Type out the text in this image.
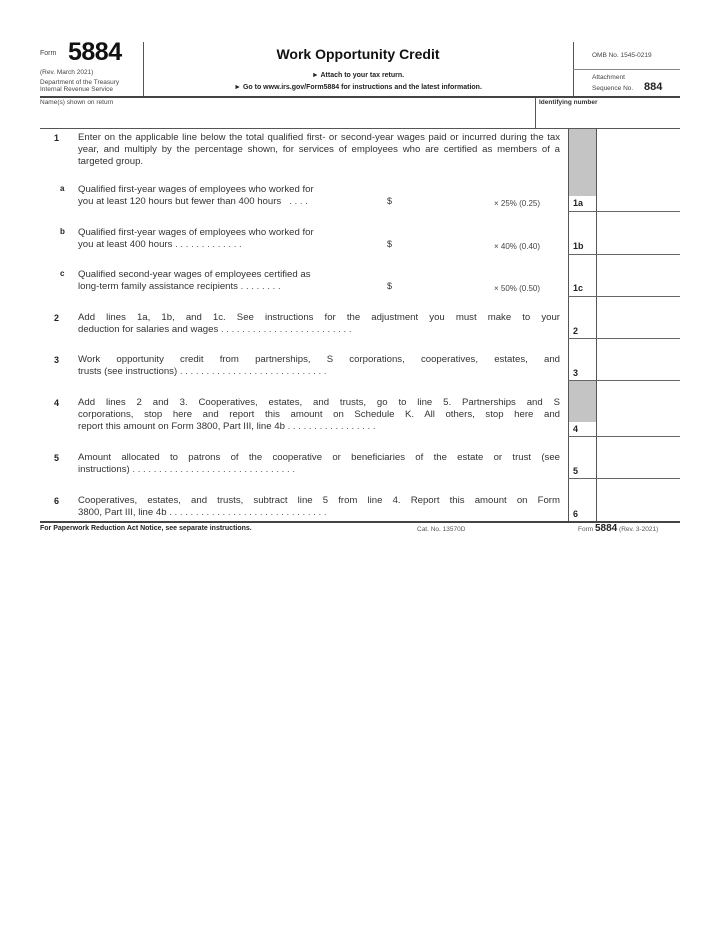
Form 5884
(Rev. March 2021)
Department of the Treasury
Internal Revenue Service
Work Opportunity Credit
► Attach to your tax return.
► Go to www.irs.gov/Form5884 for instructions and the latest information.
OMB No. 1545-0219
Attachment
Sequence No. 884
Name(s) shown on return	Identifying number
1 Enter on the applicable line below the total qualified first- or second-year wages paid or incurred during the tax year, and multiply by the percentage shown, for services of employees who are certified as members of a targeted group.
a Qualified first-year wages of employees who worked for
you at least 120 hours but fewer than 400 hours . . . .	$	× 25% (0.25)	1a
b Qualified first-year wages of employees who worked for
you at least 400 hours . . . . . . . . . . . . .	$	× 40% (0.40)	1b
c Qualified second-year wages of employees certified as
long-term family assistance recipients . . . . . . . .	$	× 50% (0.50)	1c
2 Add lines 1a, 1b, and 1c. See instructions for the adjustment you must make to your
deduction for salaries and wages . . . . . . . . . . . . . . . . . . . . . . . . .	2
3 Work opportunity credit from partnerships, S corporations, cooperatives, estates, and
trusts (see instructions) . . . . . . . . . . . . . . . . . . . . . . . . . . . .	3
4 Add lines 2 and 3. Cooperatives, estates, and trusts, go to line 5. Partnerships and S
corporations, stop here and report this amount on Schedule K. All others, stop here and
report this amount on Form 3800, Part III, line 4b . . . . . . . . . . . . . . . . .	4
5 Amount allocated to patrons of the cooperative or beneficiaries of the estate or trust (see
instructions) . . . . . . . . . . . . . . . . . . . . . . . . . . . . . . .	5
6 Cooperatives, estates, and trusts, subtract line 5 from line 4. Report this amount on Form
3800, Part III, line 4b . . . . . . . . . . . . . . . . . . . . . . . . . . . . . .	6
For Paperwork Reduction Act Notice, see separate instructions.	Cat. No. 13570D	Form 5884 (Rev. 3-2021)
